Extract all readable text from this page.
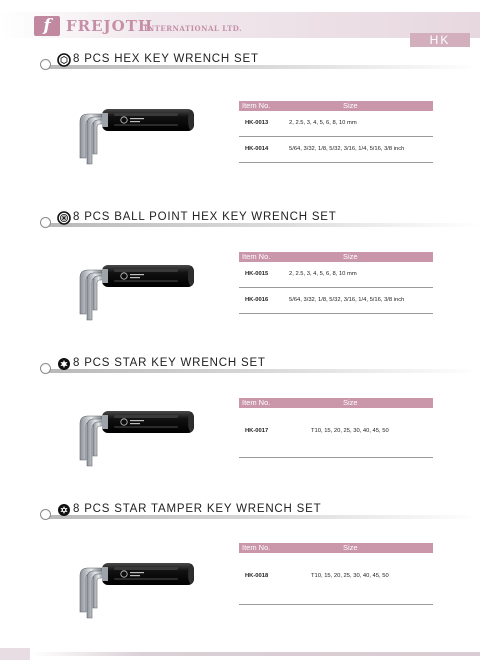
f	FREJOTH
INTERNATIONAL LTD.
HK
8 PCS HEX KEY WRENCH SET
Item No.	Size
HK-0013	2, 2.5, 3, 4, 5, 6, 8, 10 mm
HK-0014	5/64, 3/32, 1/8, 5/32, 3/16, 1/4, 5/16, 3/8 inch
8 PCS BALL POINT HEX KEY WRENCH SET
Item No.	Size
HK-0015	2, 2.5, 3, 4, 5, 6, 8, 10 mm
HK-0016	5/64, 3/32, 1/8, 5/32, 3/16, 1/4, 5/16, 3/8 inch
8 PCS STAR KEY WRENCH SET
Item No.	Size
HK-0017	T10, 15, 20, 25, 30, 40, 45, 50
8 PCS STAR TAMPER KEY WRENCH SET
Item No.	Size
HK-0018	T10, 15, 20, 25, 30, 40, 45, 50
